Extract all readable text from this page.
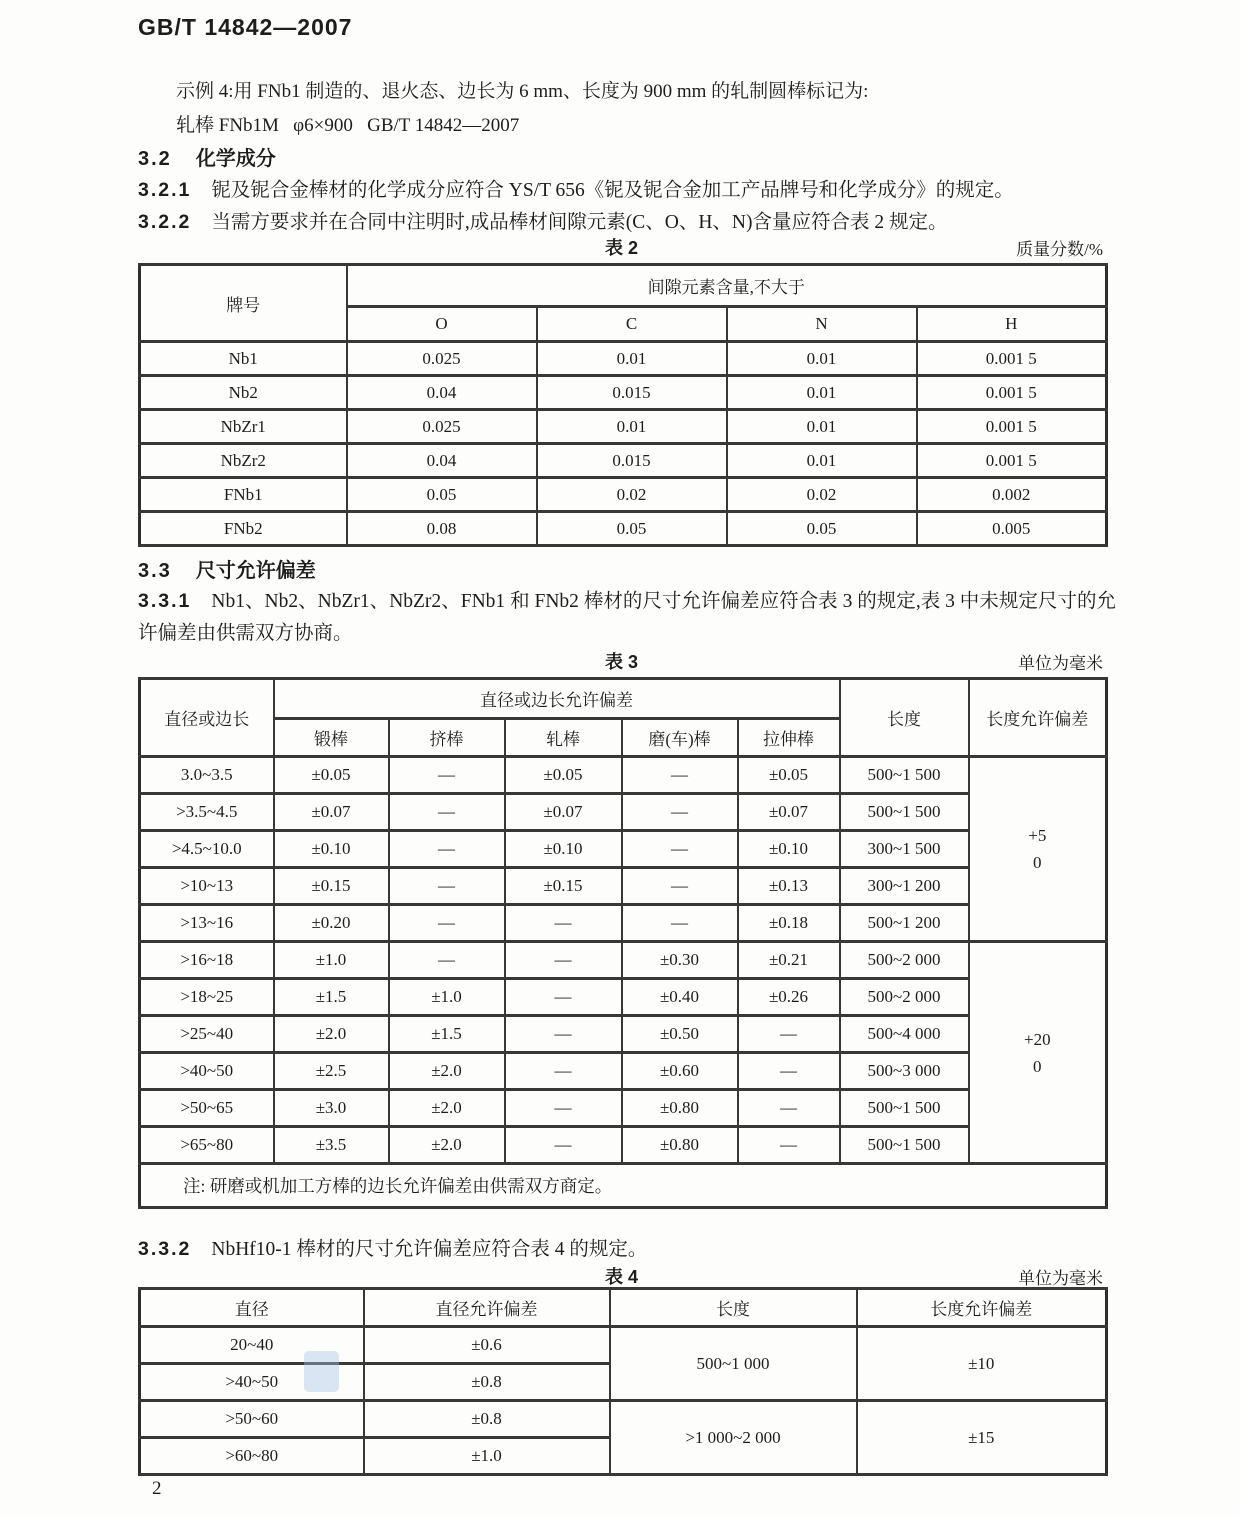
GB/T 14842—2007
示例 4:用 FNb1 制造的、退火态、边长为 6 mm、长度为 900 mm 的轧制圆棒标记为:
轧棒 FNb1M   φ6×900   GB/T 14842—2007
3.2 化学成分
3.2.1 铌及铌合金棒材的化学成分应符合 YS/T 656《铌及铌合金加工产品牌号和化学成分》的规定。
3.2.2 当需方要求并在合同中注明时,成品棒材间隙元素(C、O、H、N)含量应符合表 2 规定。
表 2	质量分数/%
牌号	间隙元素含量,不大于			
	O	C	N	H
Nb1	0.025	0.01	0.01	0.001 5
Nb2	0.04	0.015	0.01	0.001 5
NbZr1	0.025	0.01	0.01	0.001 5
NbZr2	0.04	0.015	0.01	0.001 5
FNb1	0.05	0.02	0.02	0.002
FNb2	0.08	0.05	0.05	0.005
3.3 尺寸允许偏差
3.3.1 Nb1、Nb2、NbZr1、NbZr2、FNb1 和 FNb2 棒材的尺寸允许偏差应符合表 3 的规定,表 3 中未规定尺寸的允许偏差由供需双方协商。
表 3	单位为毫米
直径或边长	直径或边长允许偏差					长度	长度允许偏差
	锻棒	挤棒	轧棒	磨(车)棒	拉伸棒		
3.0~3.5	±0.05	—	±0.05	—	±0.05	500~1 500	+5
0

>3.5~4.5	±0.07	—	±0.07	—	±0.07	500~1 500	
>4.5~10.0	±0.10	—	±0.10	—	±0.10	300~1 500	
>10~13	±0.15	—	±0.15	—	±0.13	300~1 200	
>13~16	±0.20	—	—	—	±0.18	500~1 200	
>16~18	±1.0	—	—	±0.30	±0.21	500~2 000	+20
0

>18~25	±1.5	±1.0	—	±0.40	±0.26	500~2 000	
>25~40	±2.0	±1.5	—	±0.50	—	500~4 000	
>40~50	±2.5	±2.0	—	±0.60	—	500~3 000	
>50~65	±3.0	±2.0	—	±0.80	—	500~1 500	
>65~80	±3.5	±2.0	—	±0.80	—	500~1 500	
注: 研磨或机加工方棒的边长允许偏差由供需双方商定。							
3.3.2 NbHf10-1 棒材的尺寸允许偏差应符合表 4 的规定。
表 4	单位为毫米
直径	直径允许偏差	长度	长度允许偏差
20~40	±0.6	500~1 000	±10
>40~50	±0.8		
>50~60	±0.8	>1 000~2 000	±15
>60~80	±1.0		
2
